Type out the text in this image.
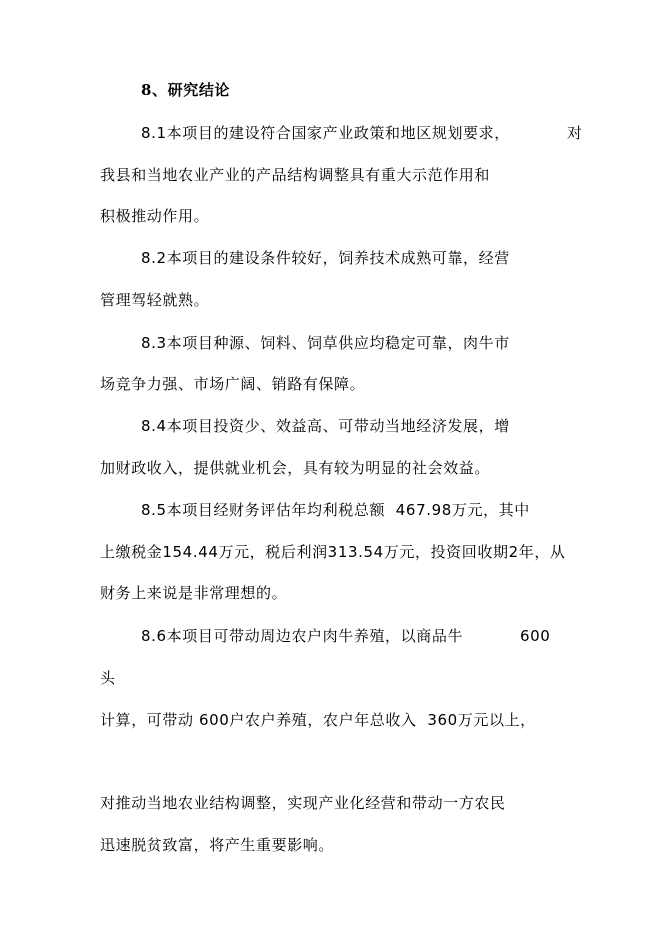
8、研究结论
8.1本项目的建设符合国家产业政策和地区规划要求，	对
我县和当地农业产业的产品结构调整具有重大示范作用和
积极推动作用。
8.2本项目的建设条件较好，饲养技术成熟可靠，经营
管理驾轻就熟。
8.3本项目种源、饲料、饲草供应均稳定可靠，肉牛市
场竞争力强、市场广阔、销路有保障。
8.4本项目投资少、效益高、可带动当地经济发展，增
加财政收入，提供就业机会，具有较为明显的社会效益。
8.5本项目经财务评估年均利税总额  467.98万元，其中
上缴税金154.44万元，税后利润313.54万元，投资回收期2年，从
财务上来说是非常理想的。
8.6本项目可带动周边农户肉牛养殖，以商品牛	600
头
计算，可带动 600户农户养殖，农户年总收入  360万元以上，
对推动当地农业结构调整，实现产业化经营和带动一方农民
迅速脱贫致富，将产生重要影响。
